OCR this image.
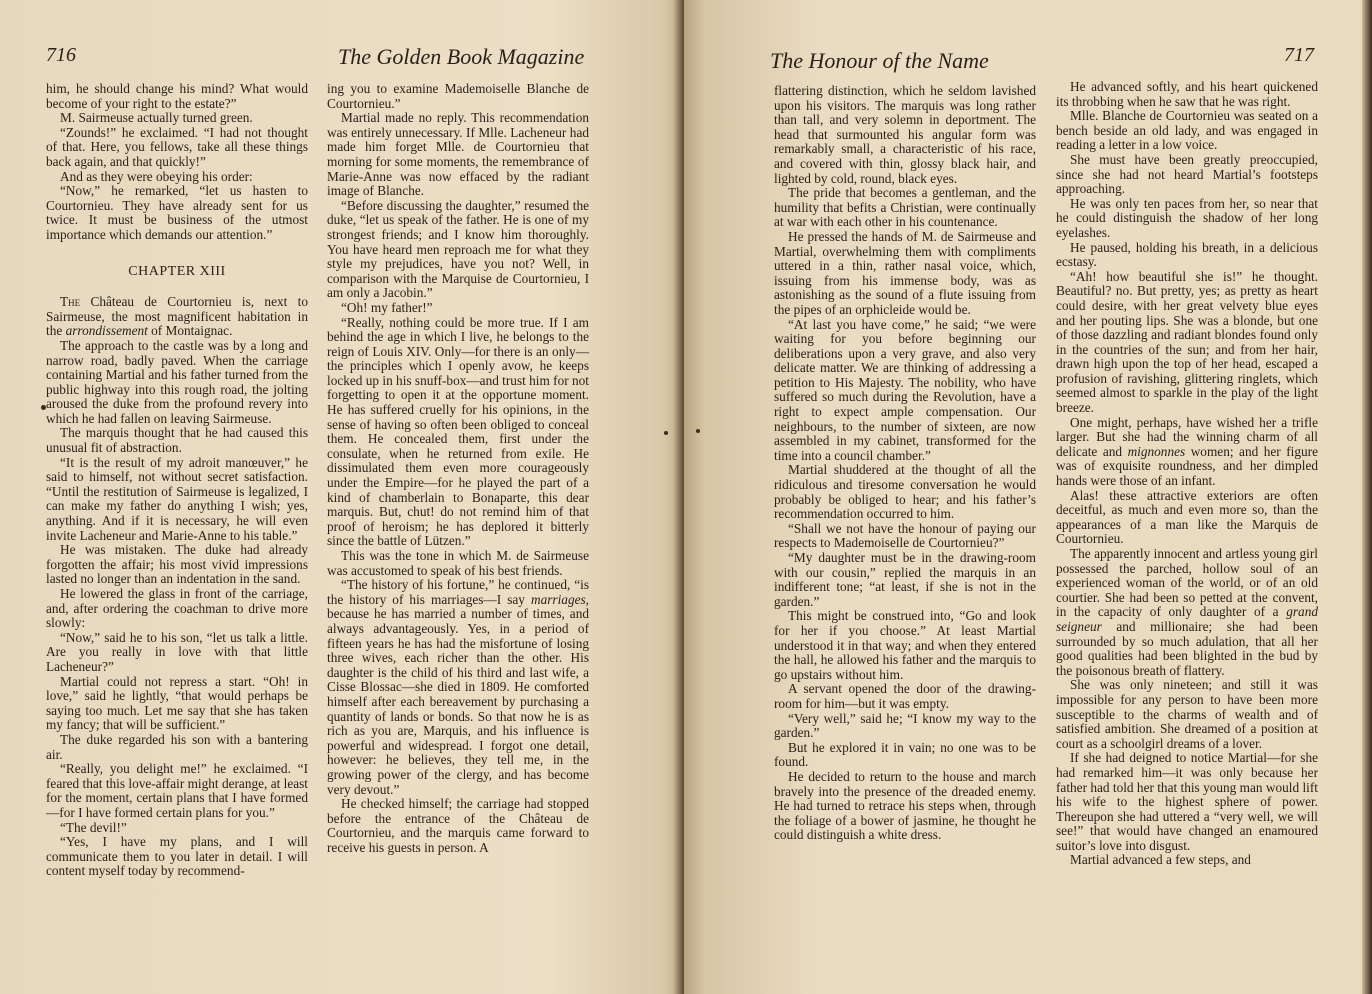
716	The Golden Book Magazine

him, he should change his mind? What would become of your right to the estate?”

M. Sairmeuse actually turned green.

“Zounds!” he exclaimed. “I had not thought of that. Here, you fellows, take all these things back again, and that quickly!”

And as they were obeying his order:

“Now,” he remarked, “let us hasten to Courtornieu. They have already sent for us twice. It must be business of the utmost importance which demands our attention.”

CHAPTER XIII

The Château de Courtornieu is, next to Sairmeuse, the most magnificent habitation in the arrondissement of Montaignac.

The approach to the castle was by a long and narrow road, badly paved. When the carriage containing Martial and his father turned from the public highway into this rough road, the jolting aroused the duke from the profound revery into which he had fallen on leaving Sairmeuse.

The marquis thought that he had caused this unusual fit of abstraction.

“It is the result of my adroit manœuver,” he said to himself, not without secret satisfaction. “Until the restitution of Sairmeuse is legalized, I can make my father do anything I wish; yes, anything. And if it is necessary, he will even invite Lacheneur and Marie-Anne to his table.”

He was mistaken. The duke had already forgotten the affair; his most vivid impressions lasted no longer than an indentation in the sand.

He lowered the glass in front of the carriage, and, after ordering the coachman to drive more slowly:

“Now,” said he to his son, “let us talk a little. Are you really in love with that little Lacheneur?”

Martial could not repress a start. “Oh! in love,” said he lightly, “that would perhaps be saying too much. Let me say that she has taken my fancy; that will be sufficient.”

The duke regarded his son with a bantering air.

“Really, you delight me!” he exclaimed. “I feared that this love-affair might derange, at least for the moment, certain plans that I have formed—for I have formed certain plans for you.”

“The devil!”

“Yes, I have my plans, and I will communicate them to you later in detail. I will content myself today by recommend-

ing you to examine Mademoiselle Blanche de Courtornieu.”

Martial made no reply. This recommendation was entirely unnecessary. If Mlle. Lacheneur had made him forget Mlle. de Courtornieu that morning for some moments, the remembrance of Marie-Anne was now effaced by the radiant image of Blanche.

“Before discussing the daughter,” resumed the duke, “let us speak of the father. He is one of my strongest friends; and I know him thoroughly. You have heard men reproach me for what they style my prejudices, have you not? Well, in comparison with the Marquise de Courtornieu, I am only a Jacobin.”

“Oh! my father!”

“Really, nothing could be more true. If I am behind the age in which I live, he belongs to the reign of Louis XIV. Only—for there is an only—the principles which I openly avow, he keeps locked up in his snuff-box—and trust him for not forgetting to open it at the opportune moment. He has suffered cruelly for his opinions, in the sense of having so often been obliged to conceal them. He concealed them, first under the consulate, when he returned from exile. He dissimulated them even more courageously under the Empire—for he played the part of a kind of chamberlain to Bonaparte, this dear marquis. But, chut! do not remind him of that proof of heroism; he has deplored it bitterly since the battle of Lützen.”

This was the tone in which M. de Sairmeuse was accustomed to speak of his best friends.

“The history of his fortune,” he continued, “is the history of his marriages—I say marriages, because he has married a number of times, and always advantageously. Yes, in a period of fifteen years he has had the misfortune of losing three wives, each richer than the other. His daughter is the child of his third and last wife, a Cisse Blossac—she died in 1809. He comforted himself after each bereavement by purchasing a quantity of lands or bonds. So that now he is as rich as you are, Marquis, and his influence is powerful and widespread. I forgot one detail, however: he believes, they tell me, in the growing power of the clergy, and has become very devout.”

He checked himself; the carriage had stopped before the entrance of the Château de Courtornieu, and the marquis came forward to receive his guests in person. A

The Honour of the Name	717

flattering distinction, which he seldom lavished upon his visitors. The marquis was long rather than tall, and very solemn in deportment. The head that surmounted his angular form was remarkably small, a characteristic of his race, and covered with thin, glossy black hair, and lighted by cold, round, black eyes.

The pride that becomes a gentleman, and the humility that befits a Christian, were continually at war with each other in his countenance.

He pressed the hands of M. de Sairmeuse and Martial, overwhelming them with compliments uttered in a thin, rather nasal voice, which, issuing from his immense body, was as astonishing as the sound of a flute issuing from the pipes of an orphicleide would be.

“At last you have come,” he said; “we were waiting for you before beginning our deliberations upon a very grave, and also very delicate matter. We are thinking of addressing a petition to His Majesty. The nobility, who have suffered so much during the Revolution, have a right to expect ample compensation. Our neighbours, to the number of sixteen, are now assembled in my cabinet, transformed for the time into a council chamber.”

Martial shuddered at the thought of all the ridiculous and tiresome conversation he would probably be obliged to hear; and his father’s recommendation occurred to him.

“Shall we not have the honour of paying our respects to Mademoiselle de Courtornieu?”

“My daughter must be in the drawing-room with our cousin,” replied the marquis in an indifferent tone; “at least, if she is not in the garden.”

This might be construed into, “Go and look for her if you choose.” At least Martial understood it in that way; and when they entered the hall, he allowed his father and the marquis to go upstairs without him.

A servant opened the door of the drawing-room for him—but it was empty.

“Very well,” said he; “I know my way to the garden.”

But he explored it in vain; no one was to be found.

He decided to return to the house and march bravely into the presence of the dreaded enemy. He had turned to retrace his steps when, through the foliage of a bower of jasmine, he thought he could distinguish a white dress.

He advanced softly, and his heart quickened its throbbing when he saw that he was right.

Mlle. Blanche de Courtornieu was seated on a bench beside an old lady, and was engaged in reading a letter in a low voice.

She must have been greatly preoccupied, since she had not heard Martial’s footsteps approaching.

He was only ten paces from her, so near that he could distinguish the shadow of her long eyelashes.

He paused, holding his breath, in a delicious ecstasy.

“Ah! how beautiful she is!” he thought. Beautiful? no. But pretty, yes; as pretty as heart could desire, with her great velvety blue eyes and her pouting lips. She was a blonde, but one of those dazzling and radiant blondes found only in the countries of the sun; and from her hair, drawn high upon the top of her head, escaped a profusion of ravishing, glittering ringlets, which seemed almost to sparkle in the play of the light breeze.

One might, perhaps, have wished her a trifle larger. But she had the winning charm of all delicate and mignonnes women; and her figure was of exquisite roundness, and her dimpled hands were those of an infant.

Alas! these attractive exteriors are often deceitful, as much and even more so, than the appearances of a man like the Marquis de Courtornieu.

The apparently innocent and artless young girl possessed the parched, hollow soul of an experienced woman of the world, or of an old courtier. She had been so petted at the convent, in the capacity of only daughter of a grand seigneur and millionaire; she had been surrounded by so much adulation, that all her good qualities had been blighted in the bud by the poisonous breath of flattery.

She was only nineteen; and still it was impossible for any person to have been more susceptible to the charms of wealth and of satisfied ambition. She dreamed of a position at court as a schoolgirl dreams of a lover.

If she had deigned to notice Martial—for she had remarked him—it was only because her father had told her that this young man would lift his wife to the highest sphere of power. Thereupon she had uttered a “very well, we will see!” that would have changed an enamoured suitor’s love into disgust.

Martial advanced a few steps, and
